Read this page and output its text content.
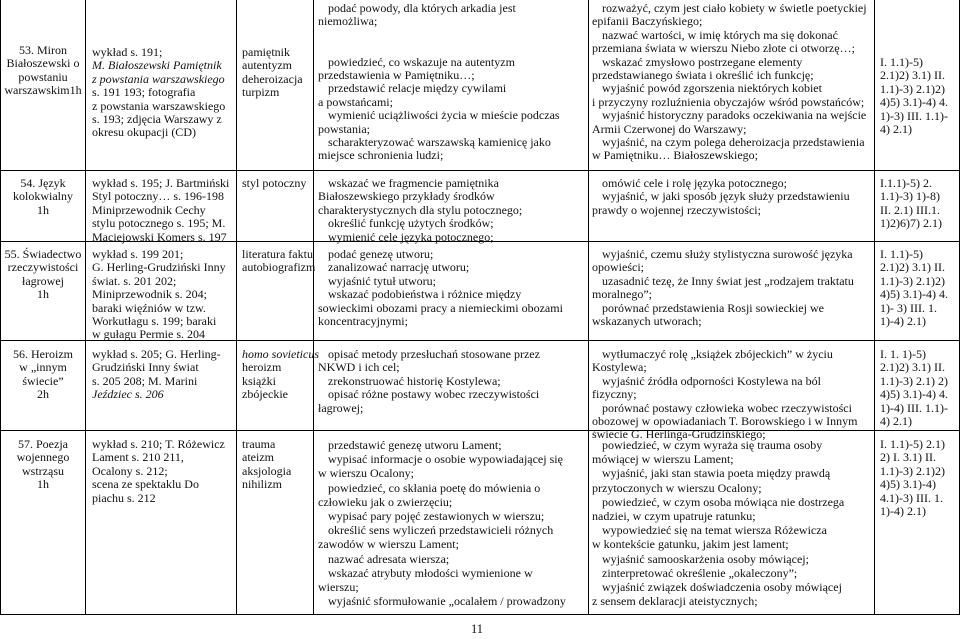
53. Miron
Białoszewski o
powstaniu
warszawskim1h
wykład s. 191;
M. Białoszewski Pamiętnik
z powstania warszawskiego
s. 191 193; fotografia
z powstania warszawskiego
s. 193; zdjęcia Warszawy z
okresu okupacji (CD)
pamiętnik
autentyzm
deheroizacja
turpizm
podać powody, dla których arkadia jest
niemożliwa;
powiedzieć, co wskazuje na autentyzm
przedstawienia w Pamiętniku…;
przedstawić relacje między cywilami
a powstańcami;
wymienić uciążliwości życia w mieście podczas
powstania;
scharakteryzować warszawską kamienicę jako
miejsce schronienia ludzi;
rozważyć, czym jest ciało kobiety w świetle poetyckiej
epifanii Baczyńskiego;
nazwać wartości, w imię których ma się dokonać
przemiana świata w wierszu Niebo złote ci otworzę…;
wskazać zmysłowo postrzegane elementy
przedstawianego świata i określić ich funkcję;
wyjaśnić powód zgorszenia niektórych kobiet
i przyczyny rozluźnienia obyczajów wśród powstańców;
wyjaśnić historyczny paradoks oczekiwania na wejście
Armii Czerwonej do Warszawy;
wyjaśnić, na czym polega deheroizacja przedstawienia
w Pamiętniku… Białoszewskiego;
I. 1.1)-5)
2.1)2) 3.1) II.
1.1)-3) 2.1)2)
4)5) 3.1)-4) 4.
1)-3) III. 1.1)-
4) 2.1)
54. Język
kolokwialny
1h
wykład s. 195; J. Bartmiński
Styl potoczny… s. 196-198
Miniprzewodnik Cechy
stylu potocznego s. 195; M.
Maciejowski Komers s. 197
styl potoczny	wskazać we fragmencie pamiętnika
Białoszewskiego przykłady środków
charakterystycznych dla stylu potocznego;
określić funkcję użytych środków;
wymienić cele języka potocznego;
omówić cele i rolę języka potocznego;
wyjaśnić, w jaki sposób język służy przedstawieniu
prawdy o wojennej rzeczywistości;
I.1.1)-5) 2.
1.1)-3) 1)-8)
II. 2.1) III.1.
1)2)6)7) 2.1)
55. Świadectwo
rzeczywistości
łagrowej
1h
wykład s. 199 201;
G. Herling-Grudziński Inny
świat. s. 201 202;
Miniprzewodnik s. 204;
baraki więźniów w tzw.
Workutłagu s. 199; baraki
w gułagu Permie s. 204
literatura faktu
autobiografizm
podać genezę utworu;
zanalizować narrację utworu;
wyjaśnić tytuł utworu;
wskazać podobieństwa i różnice między
sowieckimi obozami pracy a niemieckimi obozami
koncentracyjnymi;
wyjaśnić, czemu służy stylistyczna surowość języka
opowieści;
uzasadnić tezę, że Inny świat jest „rodzajem traktatu
moralnego”;
porównać przedstawienia Rosji sowieckiej we
wskazanych utworach;
I. 1.1)-5)
2.1)2) 3.1) II.
1.1)-3) 2.1)2)
4)5) 3.1)-4) 4.
1)- 3) III. 1.
1)-4) 2.1)
56. Heroizm
w „innym
świecie”
2h
wykład s. 205; G. Herling-
Grudziński Inny świat
s. 205 208; M. Marini
Jeździec s. 206
homo sovieticus
heroizm
książki
zbójeckie
opisać metody przesłuchań stosowane przez
NKWD i ich cel;
zrekonstruować historię Kostylewa;
opisać różne postawy wobec rzeczywistości
łagrowej;
wytłumaczyć rolę „książek zbójeckich” w życiu
Kostylewa;
wyjaśnić źródła odporności Kostylewa na ból
fizyczny;
porównać postawy człowieka wobec rzeczywistości
obozowej w opowiadaniach T. Borowskiego i w Innym
świecie G. Herlinga-Grudzińskiego;
I. 1. 1)-5)
2.1)2) 3.1) II.
1.1)-3) 2.1) 2)
4)5) 3.1)-4) 4.
1)-4) III. 1.1)-
4) 2.1)
57. Poezja
wojennego
wstrząsu
1h
wykład s. 210; T. Różewicz
Lament s. 210 211,
Ocalony s. 212;
scena ze spektaklu Do
piachu s. 212
trauma
ateizm
aksjologia
nihilizm
przedstawić genezę utworu Lament;
wypisać informacje o osobie wypowiadającej się
w wierszu Ocalony;
powiedzieć, co skłania poetę do mówienia o
człowieku jak o zwierzęciu;
wypisać pary pojęć zestawionych w wierszu;
określić sens wyliczeń przedstawicieli różnych
zawodów w wierszu Lament;
nazwać adresata wiersza;
wskazać atrybuty młodości wymienione w
wierszu;
wyjaśnić sformułowanie „ocalałem / prowadzony
powiedzieć, w czym wyraża się trauma osoby
mówiącej w wierszu Lament;
wyjaśnić, jaki stan stawia poeta między prawdą
przytoczonych w wierszu Ocalony;
powiedzieć, w czym osoba mówiąca nie dostrzega
nadziei, w czym upatruje ratunku;
wypowiedzieć się na temat wiersza Różewicza
w kontekście gatunku, jakim jest lament;
wyjaśnić samooskarżenia osoby mówiącej;
zinterpretować określenie „okaleczony”;
wyjaśnić związek doświadczenia osoby mówiącej
z sensem deklaracji ateistycznych;
I. 1.1)-5) 2.1)
2) I. 3.1) II.
1.1)-3) 2.1)2)
4)5) 3.1)-4)
4.1)-3) III. 1.
1)-4) 2.1)
11
